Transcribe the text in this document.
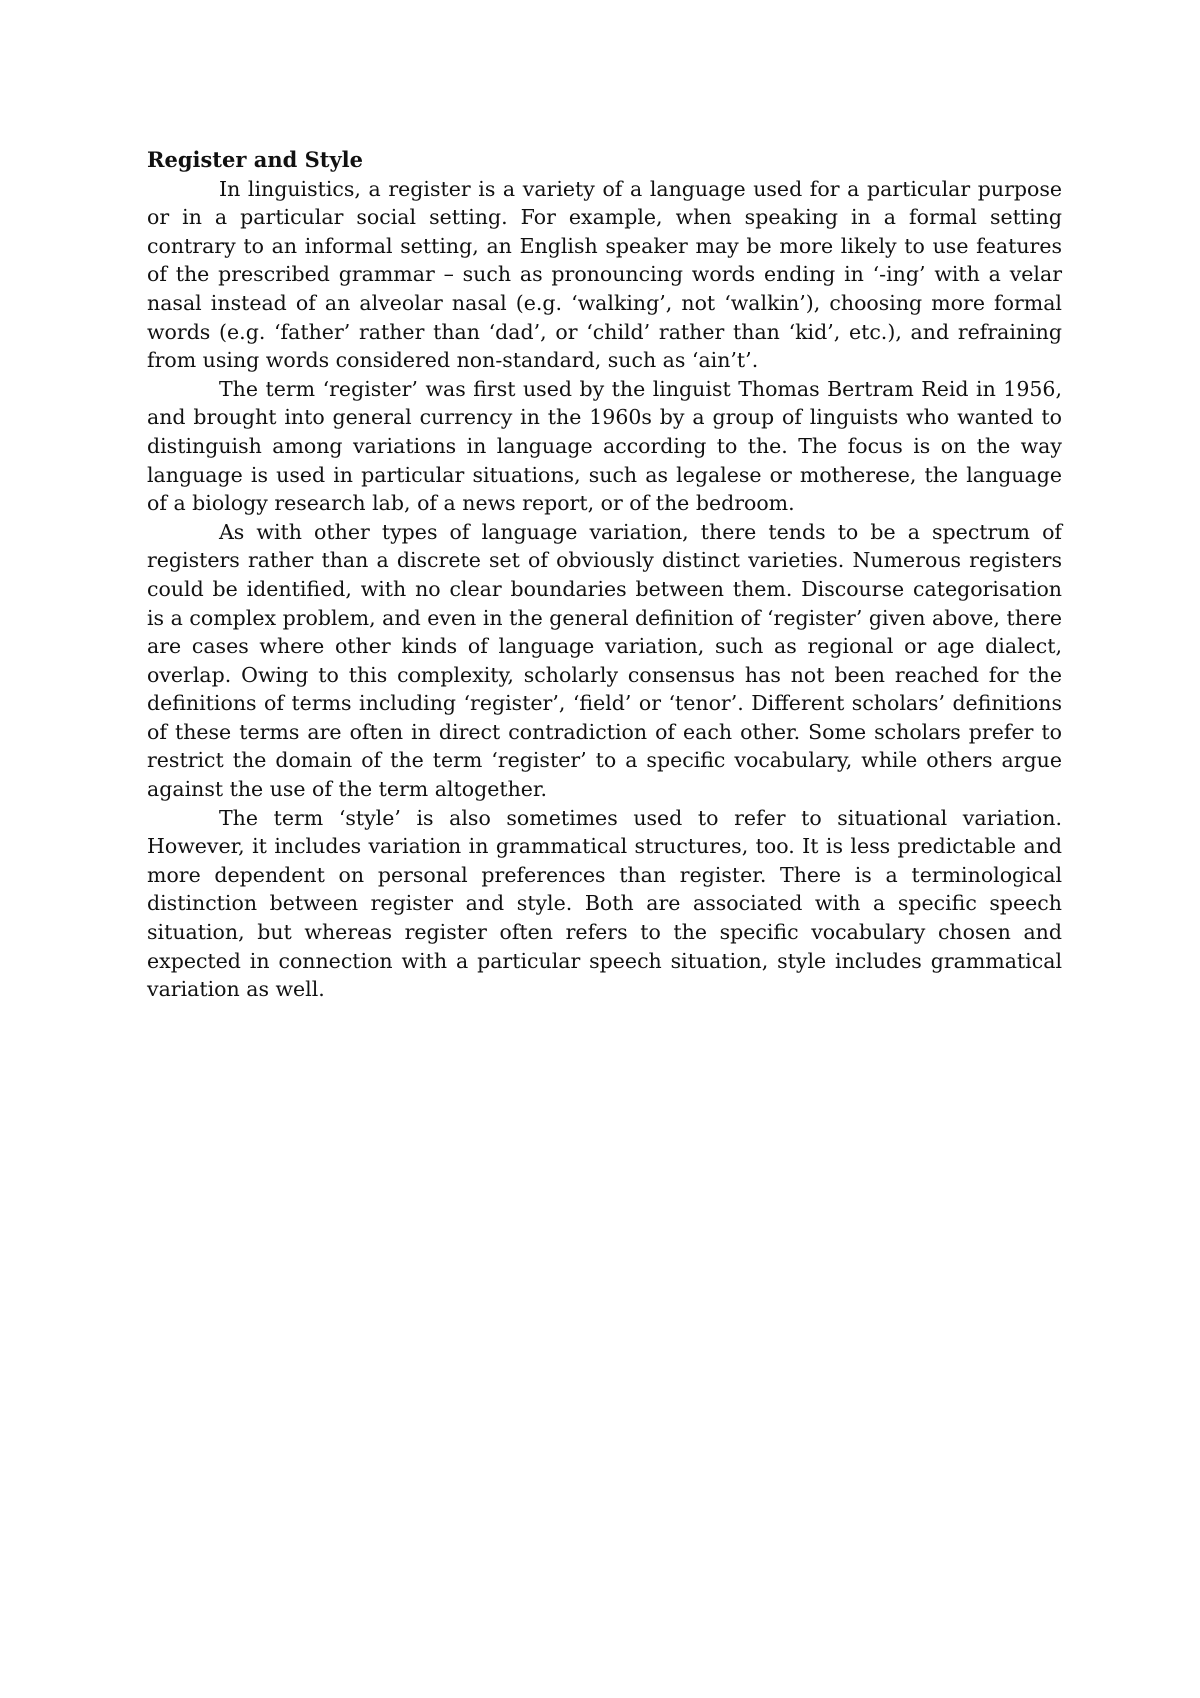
Register and Style

In linguistics, a register is a variety of a language used for a particular purpose or in a particular social setting. For example, when speaking in a formal setting contrary to an informal setting, an English speaker may be more likely to use features of the prescribed grammar – such as pronouncing words ending in ‘-ing’ with a velar nasal instead of an alveolar nasal (e.g. ‘walking’, not ‘walkin’), choosing more formal words (e.g. ‘father’ rather than ‘dad’, or ‘child’ rather than ‘kid’, etc.), and refraining from using words considered non-standard, such as ‘ain’t’.

The term ‘register’ was first used by the linguist Thomas Bertram Reid in 1956, and brought into general currency in the 1960s by a group of linguists who wanted to distinguish among variations in language according to the. The focus is on the way language is used in particular situations, such as legalese or motherese, the language of a biology research lab, of a news report, or of the bedroom.

As with other types of language variation, there tends to be a spectrum of registers rather than a discrete set of obviously distinct varieties. Numerous registers could be identified, with no clear boundaries between them. Discourse categorisation is a complex problem, and even in the general definition of ‘register’ given above, there are cases where other kinds of language variation, such as regional or age dialect, overlap. Owing to this complexity, scholarly consensus has not been reached for the definitions of terms including ‘register’, ‘field’ or ‘tenor’. Different scholars’ definitions of these terms are often in direct contradiction of each other. Some scholars prefer to restrict the domain of the term ‘register’ to a specific vocabulary, while others argue against the use of the term altogether.

The term ‘style’ is also sometimes used to refer to situational variation. However, it includes variation in grammatical structures, too. It is less predictable and more dependent on personal preferences than register. There is a terminological distinction between register and style. Both are associated with a specific speech situation, but whereas register often refers to the specific vocabulary chosen and expected in connection with a particular speech situation, style includes grammatical variation as well.
